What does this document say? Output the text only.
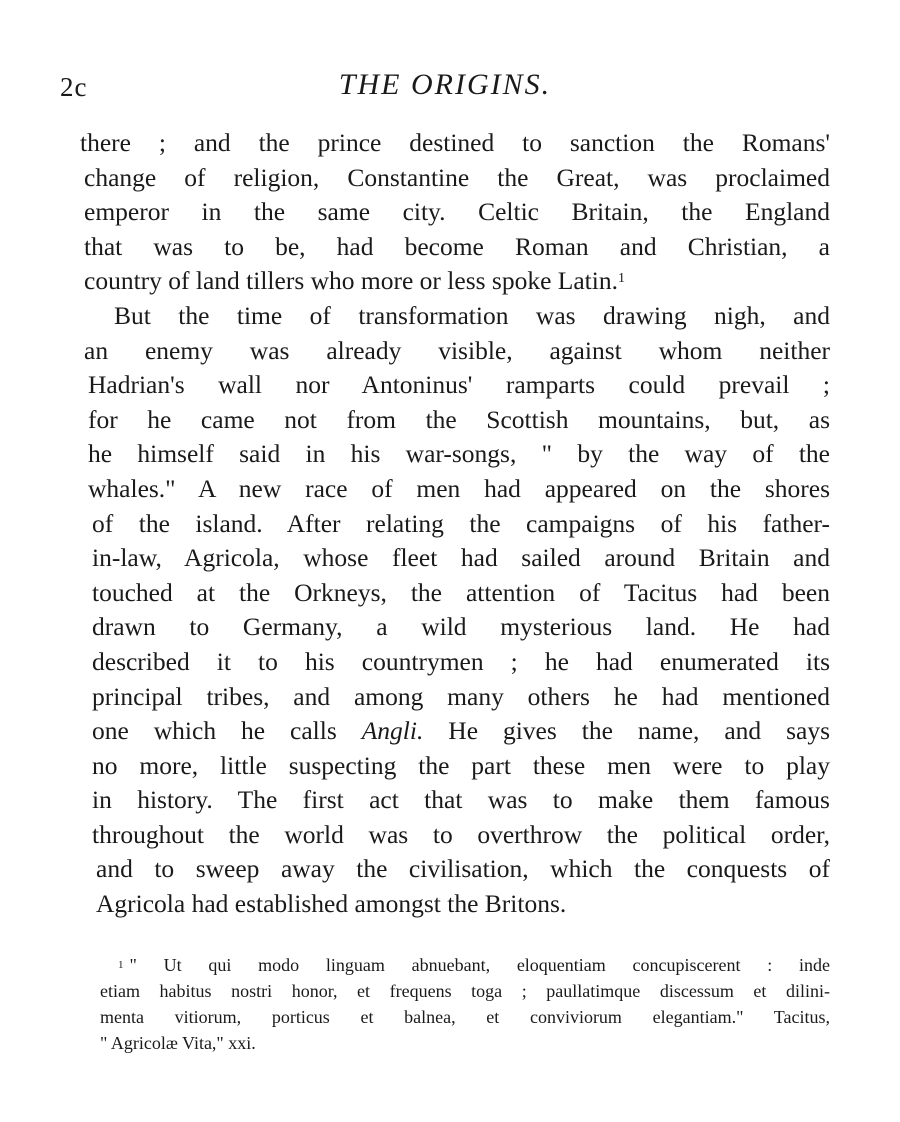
2c	THE ORIGINS.
there ; and the prince destined to sanction the Romans'
change of religion, Constantine the Great, was proclaimed
emperor in the same city. Celtic Britain, the England
that was to be, had become Roman and Christian, a
country of land tillers who more or less spoke Latin.$^1$
But the time of transformation was drawing nigh, and
an enemy was already visible, against whom neither
Hadrian's wall nor Antoninus' ramparts could prevail ;
for he came not from the Scottish mountains, but, as
he himself said in his war-songs, " by the way of the
whales." A new race of men had appeared on the shores
of the island. After relating the campaigns of his father-
in-law, Agricola, whose fleet had sailed around Britain and
touched at the Orkneys, the attention of Tacitus had been
drawn to Germany, a wild mysterious land. He had
described it to his countrymen ; he had enumerated its
principal tribes, and among many others he had mentioned
one which he calls Angli. He gives the name, and says
no more, little suspecting the part these men were to play
in history. The first act that was to make them famous
throughout the world was to overthrow the political order,
and to sweep away the civilisation, which the conquests of
Agricola had established amongst the Britons.
$^1$ " Ut qui modo linguam abnuebant, eloquentiam concupiscerent : inde
etiam habitus nostri honor, et frequens toga ; paullatimque discessum et dilini-
menta vitiorum, porticus et balnea, et conviviorum elegantiam." Tacitus,
" Agricolæ Vita," xxi.
